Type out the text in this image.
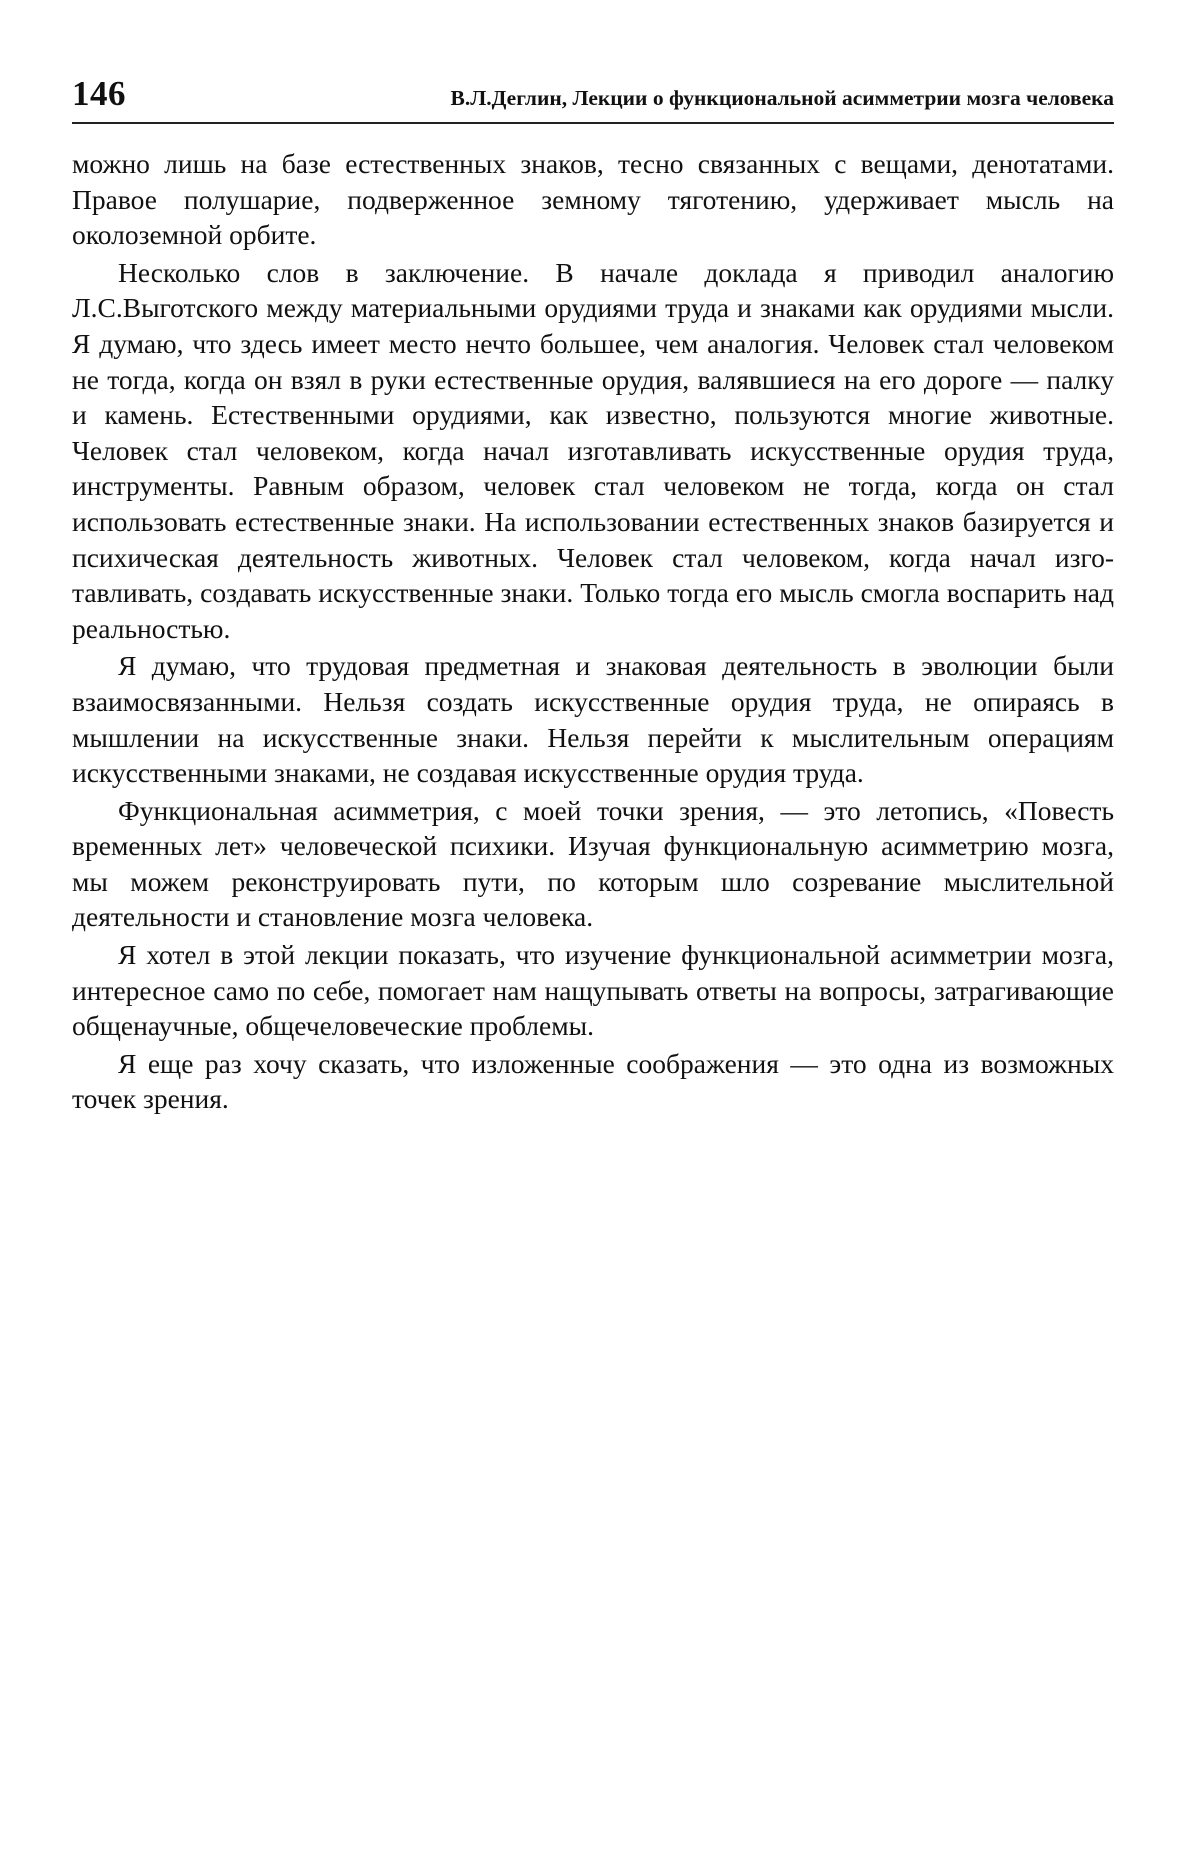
146	В.Л.Деглин, Лекции о функциональной асимметрии мозга человека

можно лишь на базе естественных знаков, тесно связанных с вещами, денотатами. Правое полушарие, подверженное земному тяготению, удерживает мысль на околоземной орбите.

Несколько слов в заключение. В начале доклада я приводил аналогию Л.С.Выготского между материальными орудиями труда и знаками как орудиями мысли. Я думаю, что здесь имеет место нечто большее, чем аналогия. Человек стал человеком не тогда, когда он взял в руки естественные орудия, валявшиеся на его дороге — палку и камень. Естественными орудиями, как известно, пользуются многие животные. Человек стал человеком, когда начал изготавливать искусственные орудия труда, инструменты. Равным образом, человек стал человеком не тогда, когда он стал использовать естественные знаки. На использовании естественных знаков базируется и психическая деятельность животных. Человек стал человеком, когда начал изготавливать, создавать искусственные знаки. Только тогда его мысль смогла воспарить над реальностью.

Я думаю, что трудовая предметная и знаковая деятельность в эволюции были взаимосвязанными. Нельзя создать искусственные орудия труда, не опираясь в мышлении на искусственные знаки. Нельзя перейти к мыслительным операциям искусственными знаками, не создавая искусственные орудия труда.

Функциональная асимметрия, с моей точки зрения, — это летопись, «Повесть временных лет» человеческой психики. Изучая функциональную асимметрию мозга, мы можем реконструировать пути, по которым шло созревание мыслительной деятельности и становление мозга человека.

Я хотел в этой лекции показать, что изучение функциональной асимметрии мозга, интересное само по себе, помогает нам нащупывать ответы на вопросы, затрагивающие общенаучные, общечеловеческие проблемы.

Я еще раз хочу сказать, что изложенные соображения — это одна из возможных точек зрения.
